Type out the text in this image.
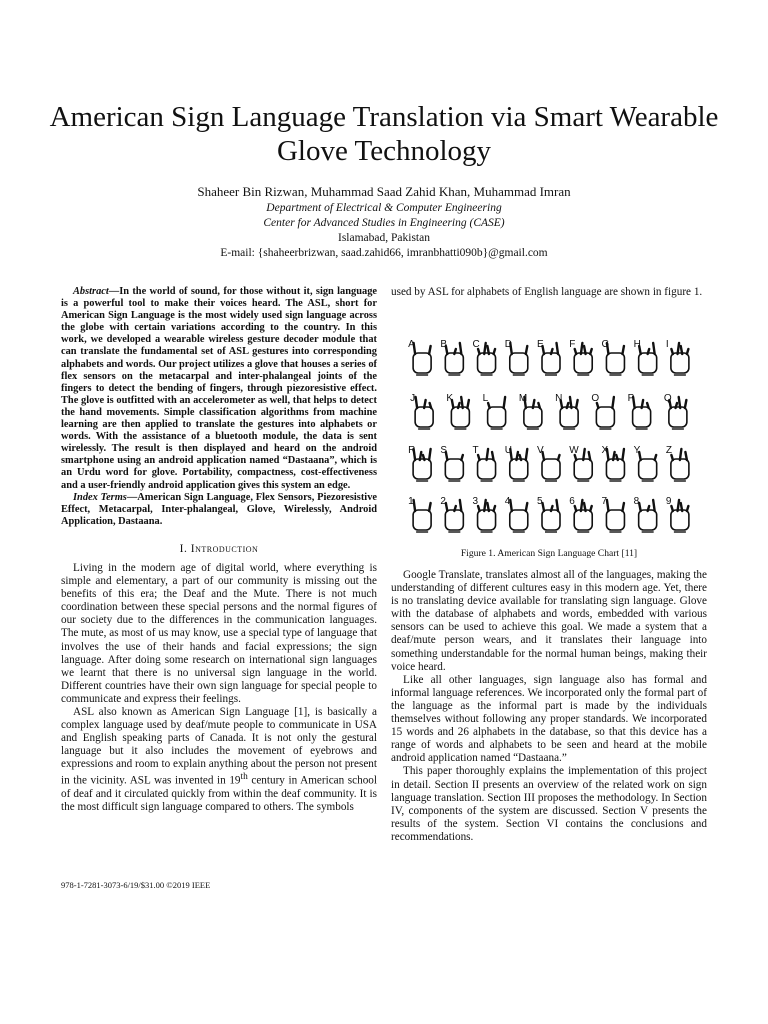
American Sign Language Translation via Smart Wearable Glove Technology
Shaheer Bin Rizwan, Muhammad Saad Zahid Khan, Muhammad Imran
Department of Electrical & Computer Engineering
Center for Advanced Studies in Engineering (CASE)
Islamabad, Pakistan
E-mail: {shaheerbrizwan, saad.zahid66, imranbhatti090b}@gmail.com

Abstract—In the world of sound, for those without it, sign language is a powerful tool to make their voices heard. The ASL, short for American Sign Language is the most widely used sign language across the globe with certain variations according to the country. In this work, we developed a wearable wireless gesture decoder module that can translate the fundamental set of ASL gestures into corresponding alphabets and words. Our project utilizes a glove that houses a series of flex sensors on the metacarpal and inter-phalangeal joints of the fingers to detect the bending of fingers, through piezoresistive effect. The glove is outfitted with an accelerometer as well, that helps to detect the hand movements. Simple classification algorithms from machine learning are then applied to translate the gestures into alphabets or words. With the assistance of a bluetooth module, the data is sent wirelessly. The result is then displayed and heard on the android smartphone using an android application named “Dastaana”, which is an Urdu word for glove. Portability, compactness, cost-effectiveness and a user-friendly android application gives this system an edge.

Index Terms—American Sign Language, Flex Sensors, Piezoresistive Effect, Metacarpal, Inter-phalangeal, Glove, Wirelessly, Android Application, Dastaana.

I. Introduction

Living in the modern age of digital world, where everything is simple and elementary, a part of our community is missing out the benefits of this era; the Deaf and the Mute. There is not much coordination between these special persons and the normal figures of our society due to the differences in the communication languages. The mute, as most of us may know, use a special type of language that involves the use of their hands and facial expressions; the sign language. After doing some research on international sign languages we learnt that there is no universal sign language in the world. Different countries have their own sign language for special people to communicate and express their feelings.

ASL also known as American Sign Language [1], is basically a complex language used by deaf/mute people to communicate in USA and English speaking parts of Canada. It is not only the gestural language but it also includes the movement of eyebrows and expressions and room to explain anything about the person not present in the vicinity. ASL was invented in 19th century in American school of deaf and it circulated quickly from within the deaf community. It is the most difficult sign language compared to others. The symbols

978-1-7281-3073-6/19/$31.00 ©2019 IEEE
used by ASL for alphabets of English language are shown in figure 1.
A	B	C D E	F	G H I
J	K	L	M	N	O	P	Q
R S	T	U V	W X	Y	Z
1	2	3	4	5	6	7	8	9
Figure 1. American Sign Language Chart [11]

Google Translate, translates almost all of the languages, making the understanding of different cultures easy in this modern age. Yet, there is no translating device available for translating sign language. Glove with the database of alphabets and words, embedded with various sensors can be used to achieve this goal. We made a system that a deaf/mute person wears, and it translates their language into something understandable for the normal human beings, making their voice heard.

Like all other languages, sign language also has formal and informal language references. We incorporated only the formal part of the language as the informal part is made by the individuals themselves without following any proper standards. We incorporated 15 words and 26 alphabets in the database, so that this device has a range of words and alphabets to be seen and heard at the mobile android application named “Dastaana.”

This paper thoroughly explains the implementation of this project in detail. Section II presents an overview of the related work on sign language translation. Section III proposes the methodology. In Section IV, components of the system are discussed. Section V presents the results of the system. Section VI contains the conclusions and recommendations.
